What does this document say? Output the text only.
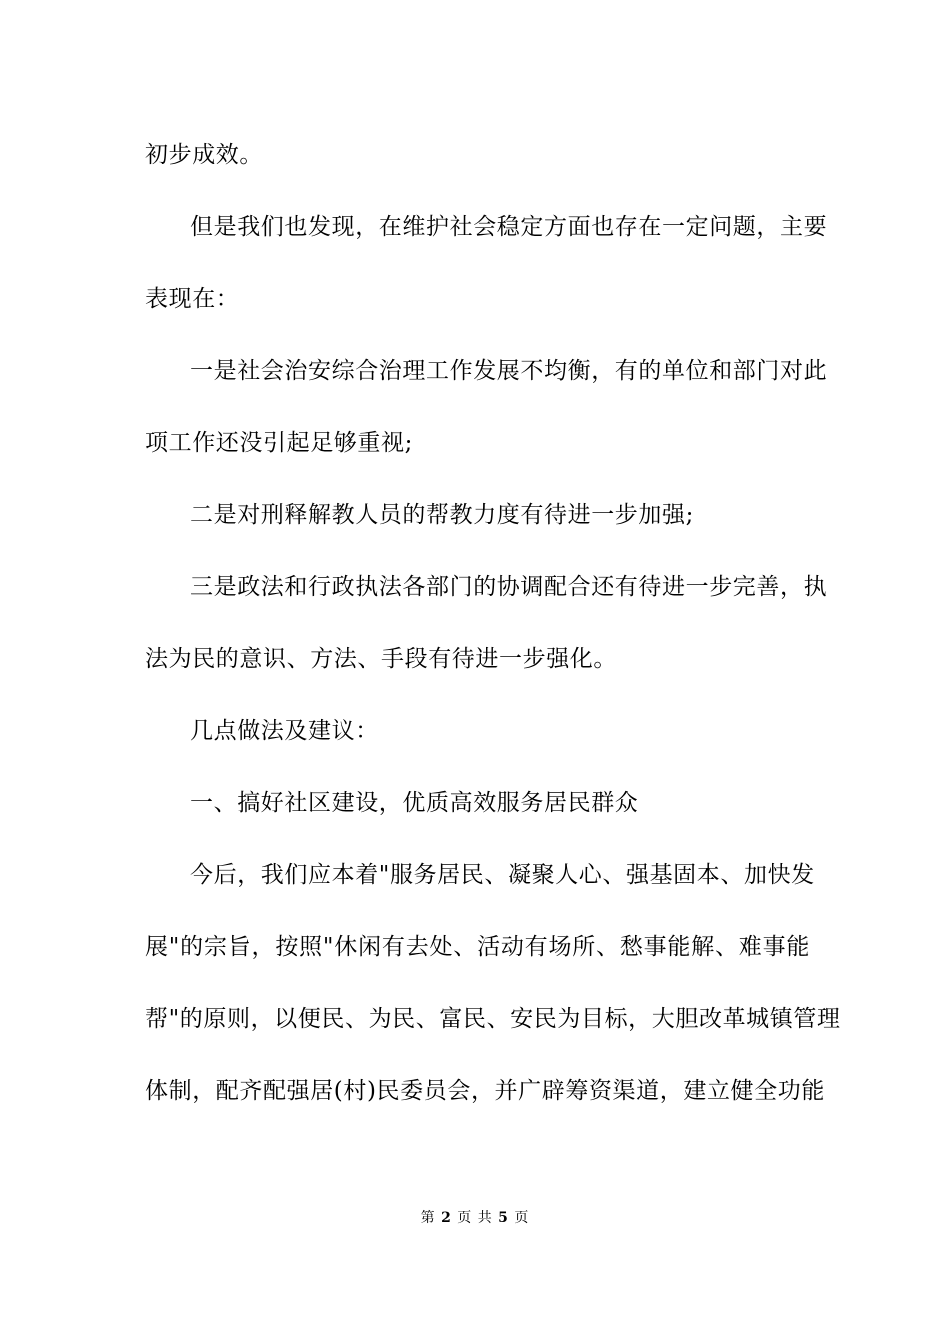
初步成效。
但是我们也发现，在维护社会稳定方面也存在一定问题，主要
表现在：
一是社会治安综合治理工作发展不均衡，有的单位和部门对此
项工作还没引起足够重视;
二是对刑释解教人员的帮教力度有待进一步加强;
三是政法和行政执法各部门的协调配合还有待进一步完善，执
法为民的意识、方法、手段有待进一步强化。
几点做法及建议：
一、搞好社区建设，优质高效服务居民群众
今后，我们应本着"服务居民、凝聚人心、强基固本、加快发
展"的宗旨，按照"休闲有去处、活动有场所、愁事能解、难事能
帮"的原则，以便民、为民、富民、安民为目标，大胆改革城镇管理
体制，配齐配强居(村)民委员会，并广辟筹资渠道，建立健全功能
第 2 页 共 5 页
